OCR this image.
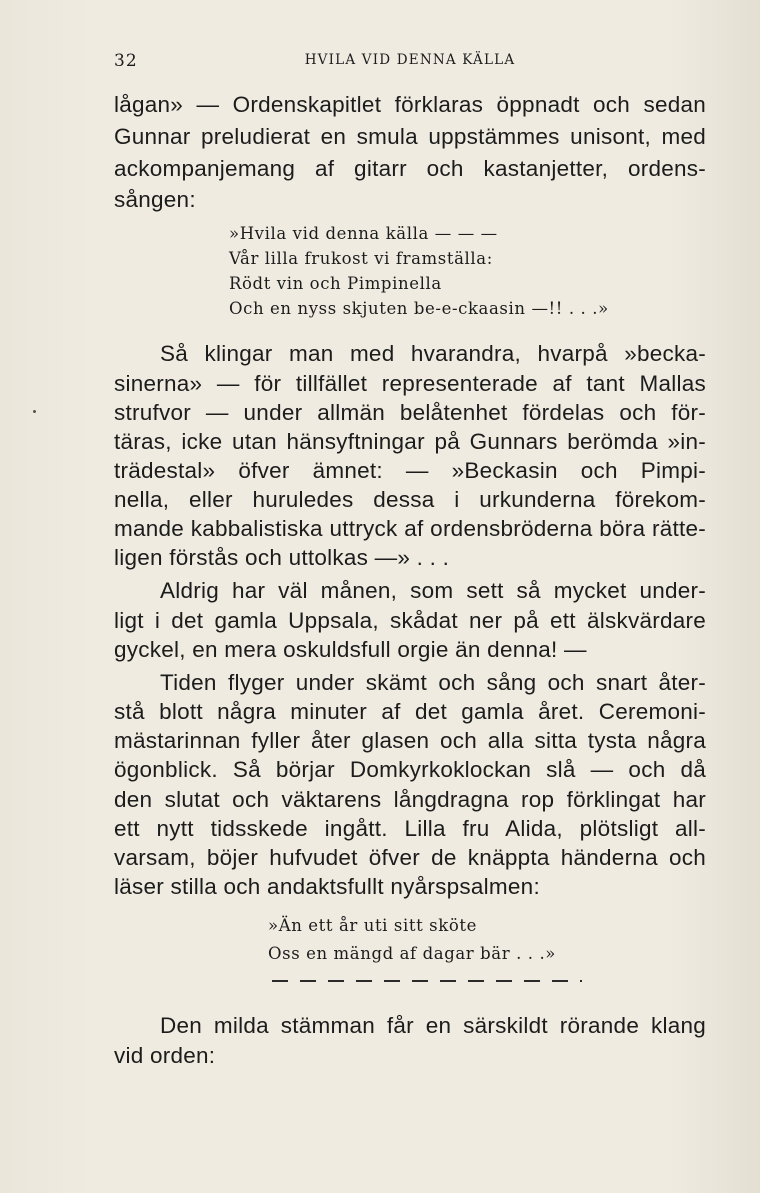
32	HVILA VID DENNA KÄLLA
lågan» — Ordenskapitlet förklaras öppnadt och sedan
Gunnar preludierat en smula uppstämmes unisont, med
ackompanjemang af gitarr och kastanjetter, ordens-
sången:
»Hvila vid denna källa — — —
Vår lilla frukost vi framställa:
Rödt vin och Pimpinella
Och en nyss skjuten be-e-ckaasin —!! . . .»
Så klingar man med hvarandra, hvarpå »becka-
sinerna» — för tillfället representerade af tant Mallas
strufvor — under allmän belåtenhet fördelas och för-
täras, icke utan hänsyftningar på Gunnars berömda »in-
trädestal» öfver ämnet: — »Beckasin och Pimpi-
nella, eller huruledes dessa i urkunderna förekom-
mande kabbalistiska uttryck af ordensbröderna böra rätte-
ligen förstås och uttolkas —» . . .
Aldrig har väl månen, som sett så mycket under-
ligt i det gamla Uppsala, skådat ner på ett älskvärdare
gyckel, en mera oskuldsfull orgie än denna! —
Tiden flyger under skämt och sång och snart åter-
stå blott några minuter af det gamla året. Ceremoni-
mästarinnan fyller åter glasen och alla sitta tysta några
ögonblick. Så börjar Domkyrkoklockan slå — och då
den slutat och väktarens långdragna rop förklingat har
ett nytt tidsskede ingått. Lilla fru Alida, plötsligt all-
varsam, böjer hufvudet öfver de knäppta händerna och
läser stilla och andaktsfullt nyårspsalmen:
»Än ett år uti sitt sköte
Oss en mängd af dagar bär . . .»
Den milda stämman får en särskildt rörande klang
vid orden:
